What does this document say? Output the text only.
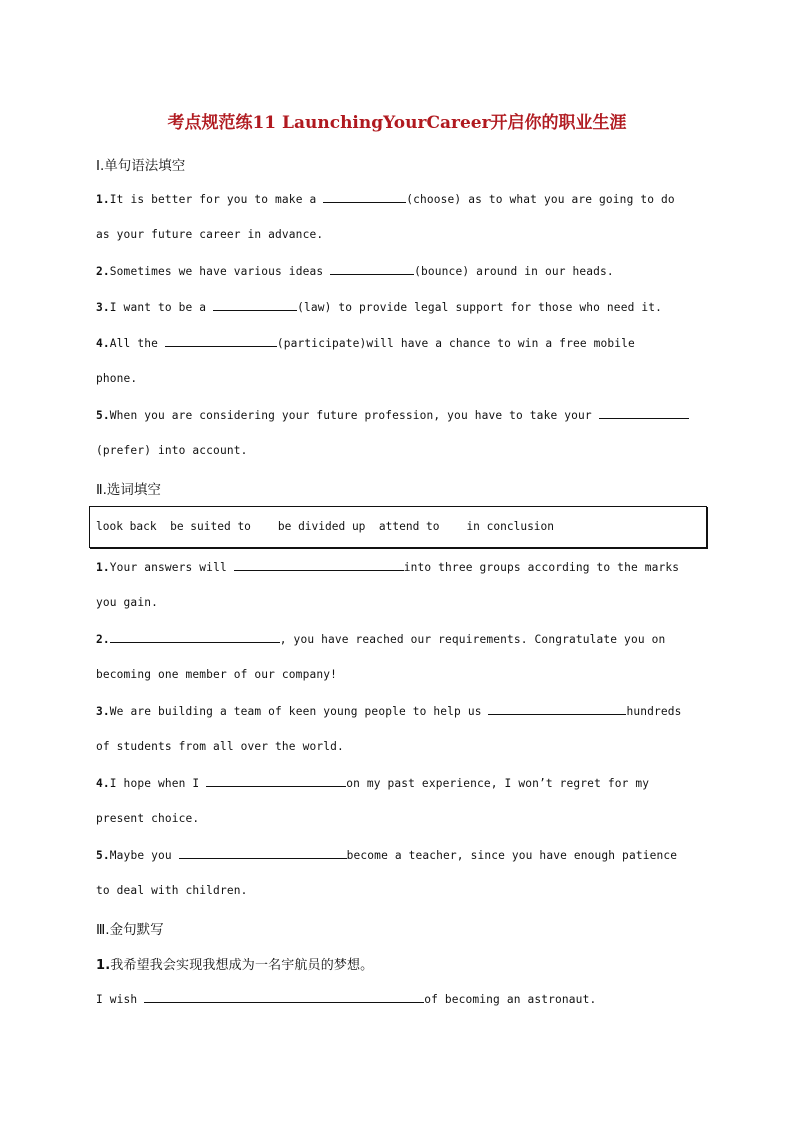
考点规范练11 LaunchingYourCareer开启你的职业生涯
Ⅰ.单句语法填空
1.It is better for you to make a	(choose) as to what you are going to do
as your future career in advance.
2.Sometimes we have various ideas	(bounce) around in our heads.
3.I want to be a	(law) to provide legal support for those who need it.
4.All the	(participate)will have a chance to win a free mobile
phone.
5.When you are considering your future profession, you have to take your
(prefer) into account.
Ⅱ.选词填空
look back  be suited to    be divided up  attend to    in conclusion
1.Your answers will	into three groups according to the marks
you gain.
2.	, you have reached our requirements. Congratulate you on
becoming one member of our company!
3.We are building a team of keen young people to help us	hundreds
of students from all over the world.
4.I hope when I	on my past experience, I won’t regret for my
present choice.
5.Maybe you	become a teacher, since you have enough patience
to deal with children.
Ⅲ.金句默写
1.我希望我会实现我想成为一名宇航员的梦想。
I wish	of becoming an astronaut.
